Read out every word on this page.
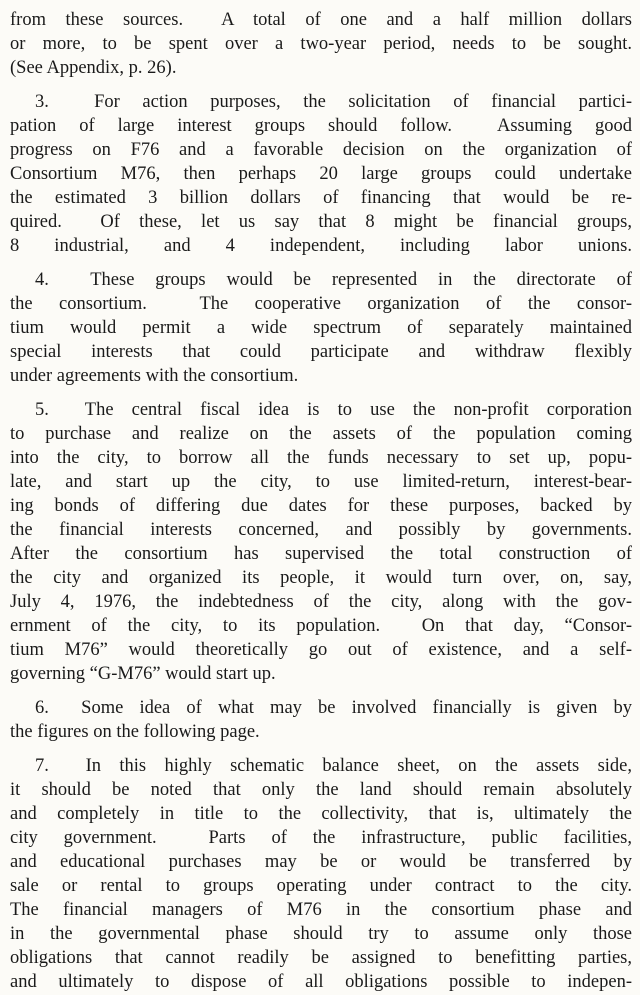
from these sources.  A total of one and a half million dollars
or more, to be spent over a two-year period, needs to be sought.
(See Appendix, p. 26).
3.  For action purposes, the solicitation of financial partici-
pation of large interest groups should follow.  Assuming good
progress on F76 and a favorable decision on the organization of
Consortium M76, then perhaps 20 large groups could undertake
the estimated 3 billion dollars of financing that would be re-
quired.  Of these, let us say that 8 might be financial groups,
8 industrial, and 4 independent, including labor unions.
4.  These groups would be represented in the directorate of
the consortium.  The cooperative organization of the consor-
tium would permit a wide spectrum of separately maintained
special interests that could participate and withdraw flexibly
under agreements with the consortium.
5.  The central fiscal idea is to use the non-profit corporation
to purchase and realize on the assets of the population coming
into the city, to borrow all the funds necessary to set up, popu-
late, and start up the city, to use limited-return, interest-bear-
ing bonds of differing due dates for these purposes, backed by
the financial interests concerned, and possibly by governments.
After the consortium has supervised the total construction of
the city and organized its people, it would turn over, on, say,
July 4, 1976, the indebtedness of the city, along with the gov-
ernment of the city, to its population.  On that day, “Consor-
tium M76” would theoretically go out of existence, and a self-
governing “G-M76” would start up.
6.  Some idea of what may be involved financially is given by
the figures on the following page.
7.  In this highly schematic balance sheet, on the assets side,
it should be noted that only the land should remain absolutely
and completely in title to the collectivity, that is, ultimately the
city government.  Parts of the infrastructure, public facilities,
and educational purchases may be or would be transferred by
sale or rental to groups operating under contract to the city.
The financial managers of M76 in the consortium phase and
in the governmental phase should try to assume only those
obligations that cannot readily be assigned to benefitting parties,
and ultimately to dispose of all obligations possible to indepen-
